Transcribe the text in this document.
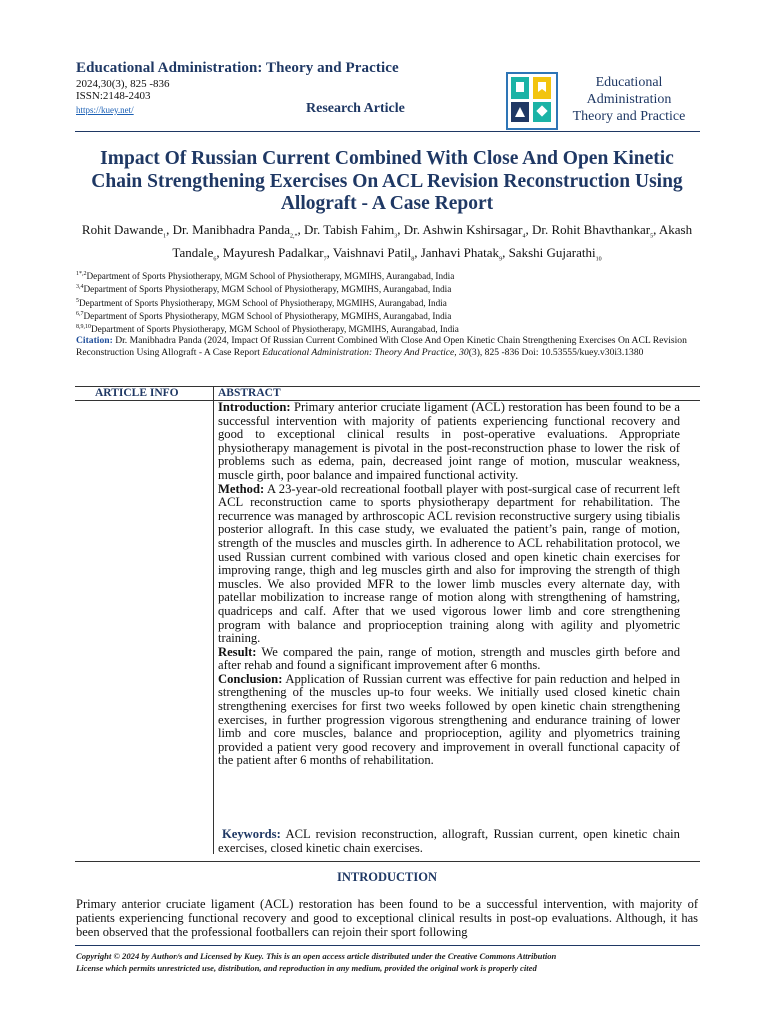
Educational Administration: Theory and Practice
2024,30(3), 825 -836
ISSN:2148-2403
https://kuey.net/	Research Article
Educational
Administration
Theory and Practice
Impact Of Russian Current Combined With Close And Open Kinetic Chain Strengthening Exercises On ACL Revision Reconstruction Using Allograft - A Case Report
Rohit Dawande$_1$, Dr. Manibhadra Panda$_{2,*}$, Dr. Tabish Fahim$_3$, Dr. Ashwin Kshirsagar$_4$, Dr. Rohit Bhavthankar$_5$, Akash Tandale$_6$, Mayuresh Padalkar$_7$, Vaishnavi Patil$_8$, Janhavi Phatak$_9$, Sakshi Gujarathi$_{10}$
$^{1*,2}$Department of Sports Physiotherapy, MGM School of Physiotherapy, MGMIHS, Aurangabad, India
$^{3,4}$Department of Sports Physiotherapy, MGM School of Physiotherapy, MGMIHS, Aurangabad, India
$^5$Department of Sports Physiotherapy, MGM School of Physiotherapy, MGMIHS, Aurangabad, India
$^{6,7}$Department of Sports Physiotherapy, MGM School of Physiotherapy, MGMIHS, Aurangabad, India
$^{8,9,10}$Department of Sports Physiotherapy, MGM School of Physiotherapy, MGMIHS, Aurangabad, India
Citation: Dr. Manibhadra Panda (2024, Impact Of Russian Current Combined With Close And Open Kinetic Chain Strengthening Exercises On ACL Revision Reconstruction Using Allograft - A Case Report Educational Administration: Theory And Practice, 30(3), 825 -836 Doi: 10.53555/kuey.v30i3.1380
ARTICLE INFO	ABSTRACT

Introduction: Primary anterior cruciate ligament (ACL) restoration has been found to be a successful intervention with majority of patients experiencing functional recovery and good to exceptional clinical results in post-operative evaluations. Appropriate physiotherapy management is pivotal in the post-reconstruction phase to lower the risk of problems such as edema, pain, decreased joint range of motion, muscular weakness, muscle girth, poor balance and impaired functional activity.

Method: A 23-year-old recreational football player with post-surgical case of recurrent left ACL reconstruction came to sports physiotherapy department for rehabilitation. The recurrence was managed by arthroscopic ACL revision reconstructive surgery using tibialis posterior allograft. In this case study, we evaluated the patient’s pain, range of motion, strength of the muscles and muscles girth. In adherence to ACL rehabilitation protocol, we used Russian current combined with various closed and open kinetic chain exercises for improving range, thigh and leg muscles girth and also for improving the strength of thigh muscles. We also provided MFR to the lower limb muscles every alternate day, with patellar mobilization to increase range of motion along with strengthening of hamstring, quadriceps and calf. After that we used vigorous lower limb and core strengthening program with balance and proprioception training along with agility and plyometric training.

Result: We compared the pain, range of motion, strength and muscles girth before and after rehab and found a significant improvement after 6 months.

Conclusion: Application of Russian current was effective for pain reduction and helped in strengthening of the muscles up-to four weeks. We initially used closed kinetic chain strengthening exercises for first two weeks followed by open kinetic chain strengthening exercises, in further progression vigorous strengthening and endurance training of lower limb and core muscles, balance and proprioception, agility and plyometrics training provided a patient very good recovery and improvement in overall functional capacity of the patient after 6 months of rehabilitation.

Keywords: ACL revision reconstruction, allograft, Russian current, open kinetic chain exercises, closed kinetic chain exercises.
INTRODUCTION
Primary anterior cruciate ligament (ACL) restoration has been found to be a successful intervention, with majority of patients experiencing functional recovery and good to exceptional clinical results in post-op evaluations. Although, it has been observed that the professional footballers can rejoin their sport following
Copyright © 2024 by Author/s and Licensed by Kuey. This is an open access article distributed under the Creative Commons Attribution
License which permits unrestricted use, distribution, and reproduction in any medium, provided the original work is properly cited
